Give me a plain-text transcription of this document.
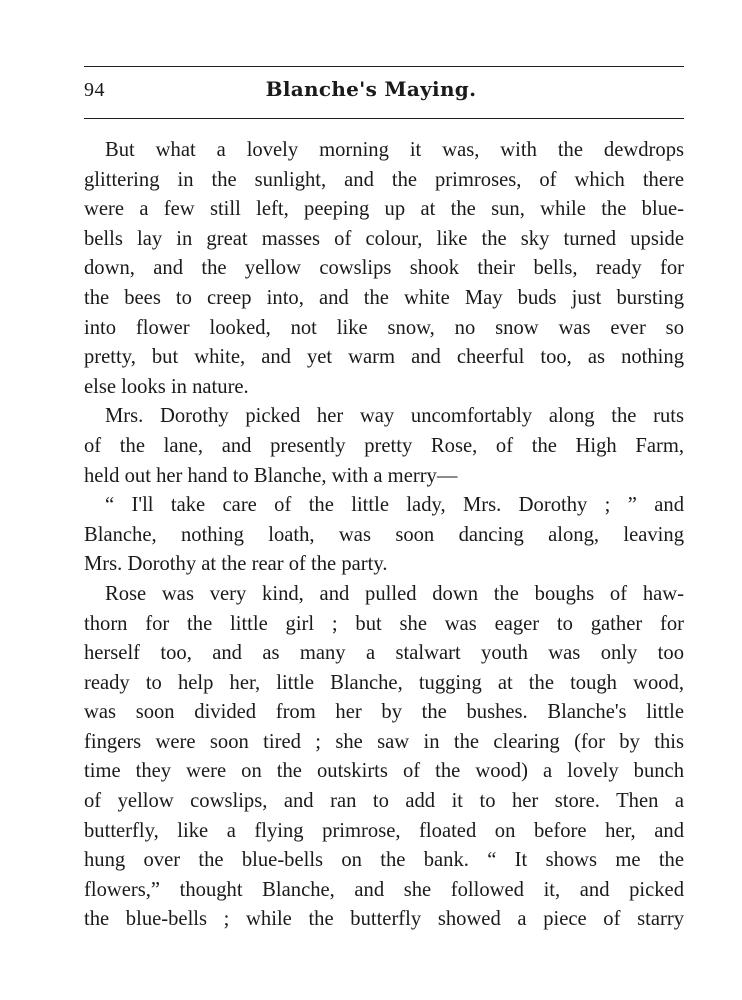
94	Blanche's Maying.
But what a lovely morning it was, with the dewdrops
glittering in the sunlight, and the primroses, of which there
were a few still left, peeping up at the sun, while the blue-
bells lay in great masses of colour, like the sky turned upside
down, and the yellow cowslips shook their bells, ready for
the bees to creep into, and the white May buds just bursting
into flower looked, not like snow, no snow was ever so
pretty, but white, and yet warm and cheerful too, as nothing
else looks in nature.
Mrs. Dorothy picked her way uncomfortably along the ruts
of the lane, and presently pretty Rose, of the High Farm,
held out her hand to Blanche, with a merry—
“ I'll take care of the little lady, Mrs. Dorothy ; ” and
Blanche, nothing loath, was soon dancing along, leaving
Mrs. Dorothy at the rear of the party.
Rose was very kind, and pulled down the boughs of haw-
thorn for the little girl ; but she was eager to gather for
herself too, and as many a stalwart youth was only too
ready to help her, little Blanche, tugging at the tough wood,
was soon divided from her by the bushes. Blanche's little
fingers were soon tired ; she saw in the clearing (for by this
time they were on the outskirts of the wood) a lovely bunch
of yellow cowslips, and ran to add it to her store. Then a
butterfly, like a flying primrose, floated on before her, and
hung over the blue-bells on the bank. “ It shows me the
flowers,” thought Blanche, and she followed it, and picked
the blue-bells ; while the butterfly showed a piece of starry
